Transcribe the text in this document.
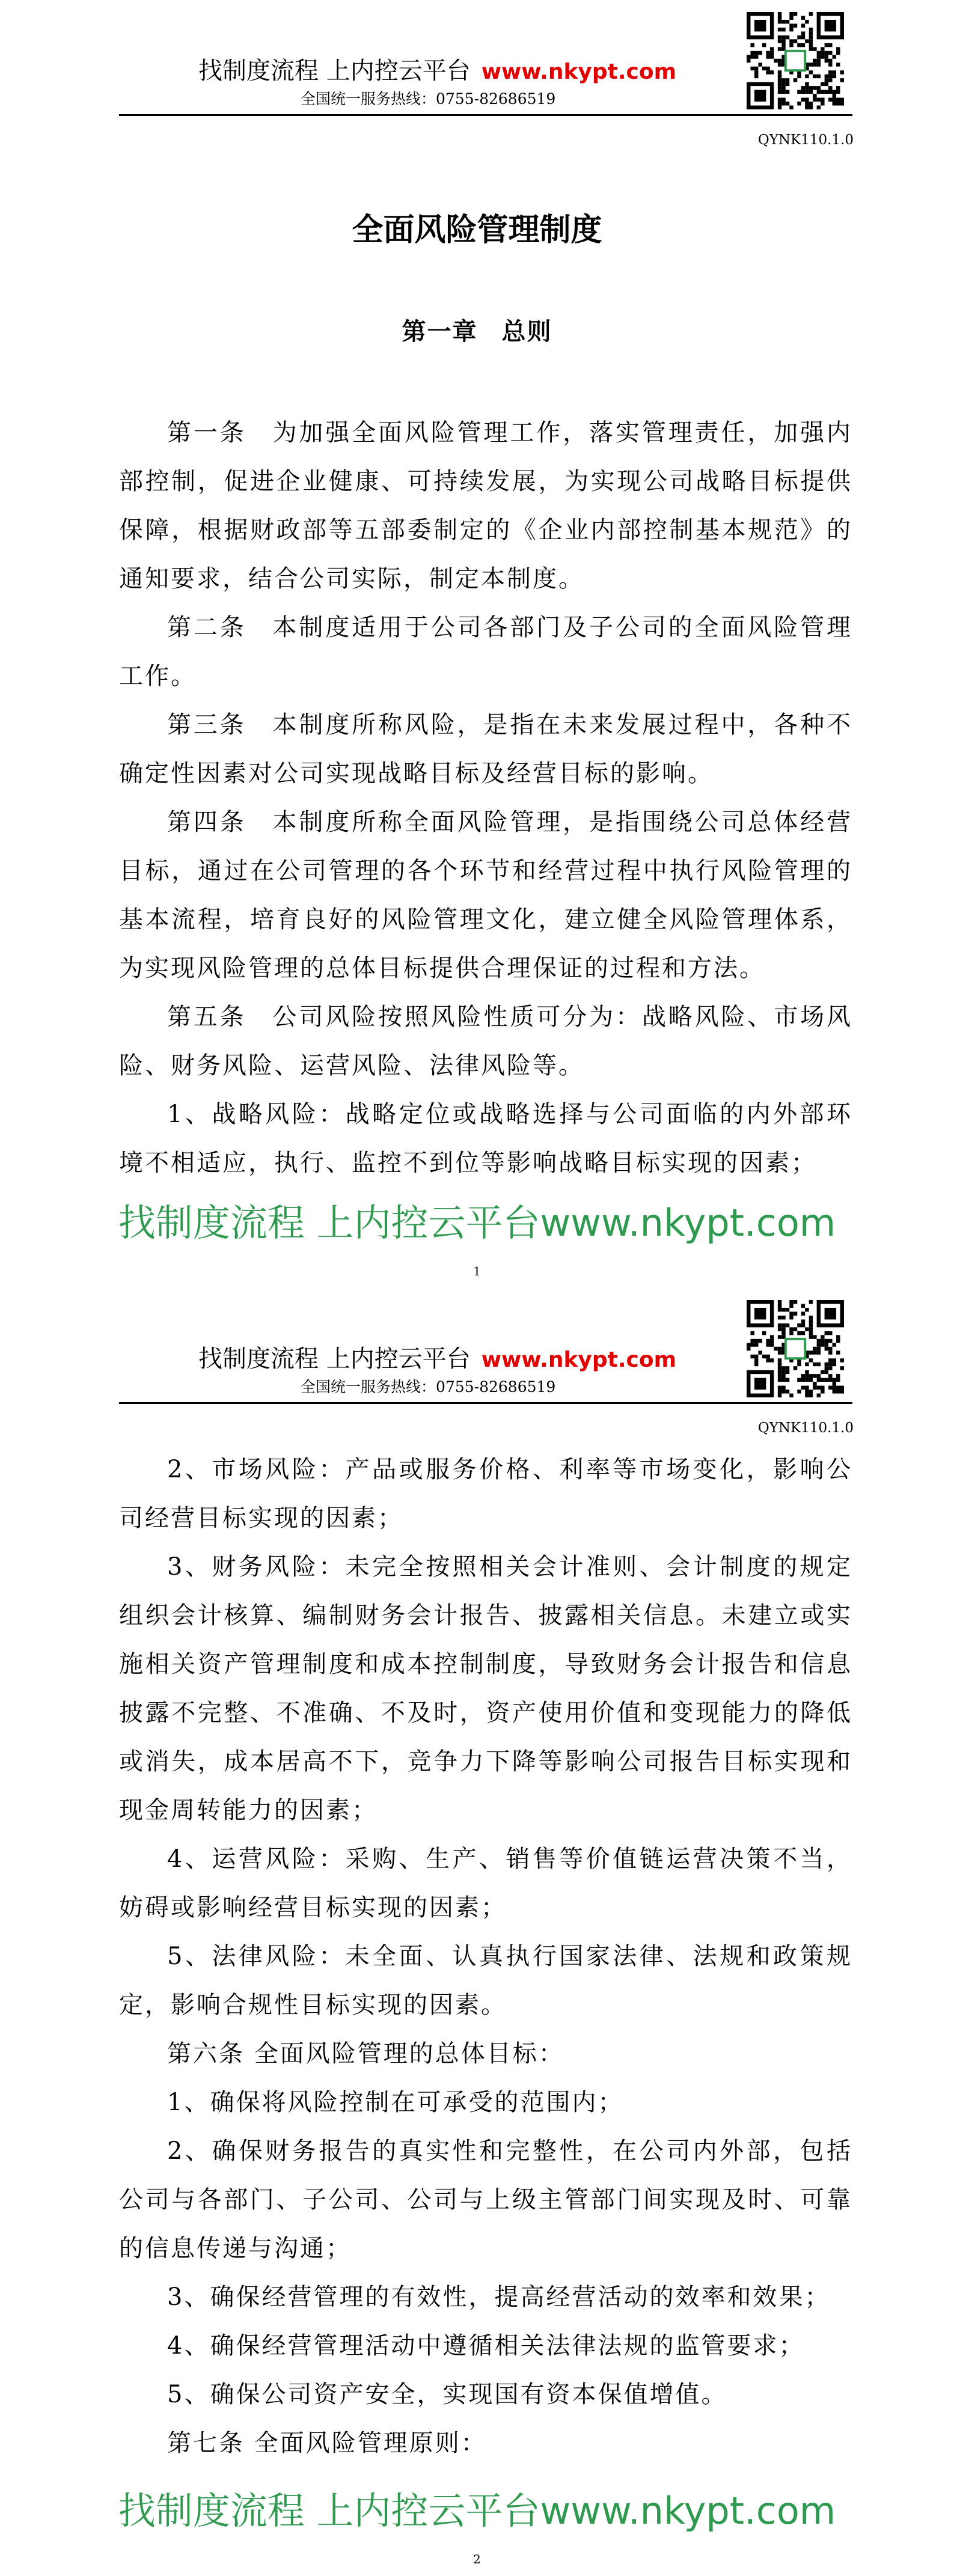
找制度流程 上内控云平台 www.nkypt.com
全国统一服务热线：0755-82686519
QYNK110.1.0
全面风险管理制度
第一章 总则

第一条　为加强全面风险管理工作，落实管理责任，加强内部控制，促进企业健康、可持续发展，为实现公司战略目标提供保障，根据财政部等五部委制定的《企业内部控制基本规范》的通知要求，结合公司实际，制定本制度。

第二条　本制度适用于公司各部门及子公司的全面风险管理工作。

第三条　本制度所称风险，是指在未来发展过程中，各种不确定性因素对公司实现战略目标及经营目标的影响。

第四条　本制度所称全面风险管理，是指围绕公司总体经营目标，通过在公司管理的各个环节和经营过程中执行风险管理的基本流程，培育良好的风险管理文化，建立健全风险管理体系，为实现风险管理的总体目标提供合理保证的过程和方法。

第五条　公司风险按照风险性质可分为：战略风险、市场风险、财务风险、运营风险、法律风险等。

1、战略风险：战略定位或战略选择与公司面临的内外部环境不相适应，执行、监控不到位等影响战略目标实现的因素；

找制度流程 上内控云平台www.nkypt.com
1
找制度流程 上内控云平台 www.nkypt.com
全国统一服务热线：0755-82686519
QYNK110.1.0

2、市场风险：产品或服务价格、利率等市场变化，影响公司经营目标实现的因素；

3、财务风险：未完全按照相关会计准则、会计制度的规定组织会计核算、编制财务会计报告、披露相关信息。未建立或实施相关资产管理制度和成本控制制度，导致财务会计报告和信息披露不完整、不准确、不及时，资产使用价值和变现能力的降低或消失，成本居高不下，竞争力下降等影响公司报告目标实现和现金周转能力的因素；

4、运营风险：采购、生产、销售等价值链运营决策不当，妨碍或影响经营目标实现的因素；

5、法律风险：未全面、认真执行国家法律、法规和政策规定，影响合规性目标实现的因素。

第六条 全面风险管理的总体目标：

1、确保将风险控制在可承受的范围内；

2、确保财务报告的真实性和完整性，在公司内外部，包括公司与各部门、子公司、公司与上级主管部门间实现及时、可靠的信息传递与沟通；

3、确保经营管理的有效性，提高经营活动的效率和效果；

4、确保经营管理活动中遵循相关法律法规的监管要求；

5、确保公司资产安全，实现国有资本保值增值。

第七条 全面风险管理原则：

找制度流程 上内控云平台www.nkypt.com
2
